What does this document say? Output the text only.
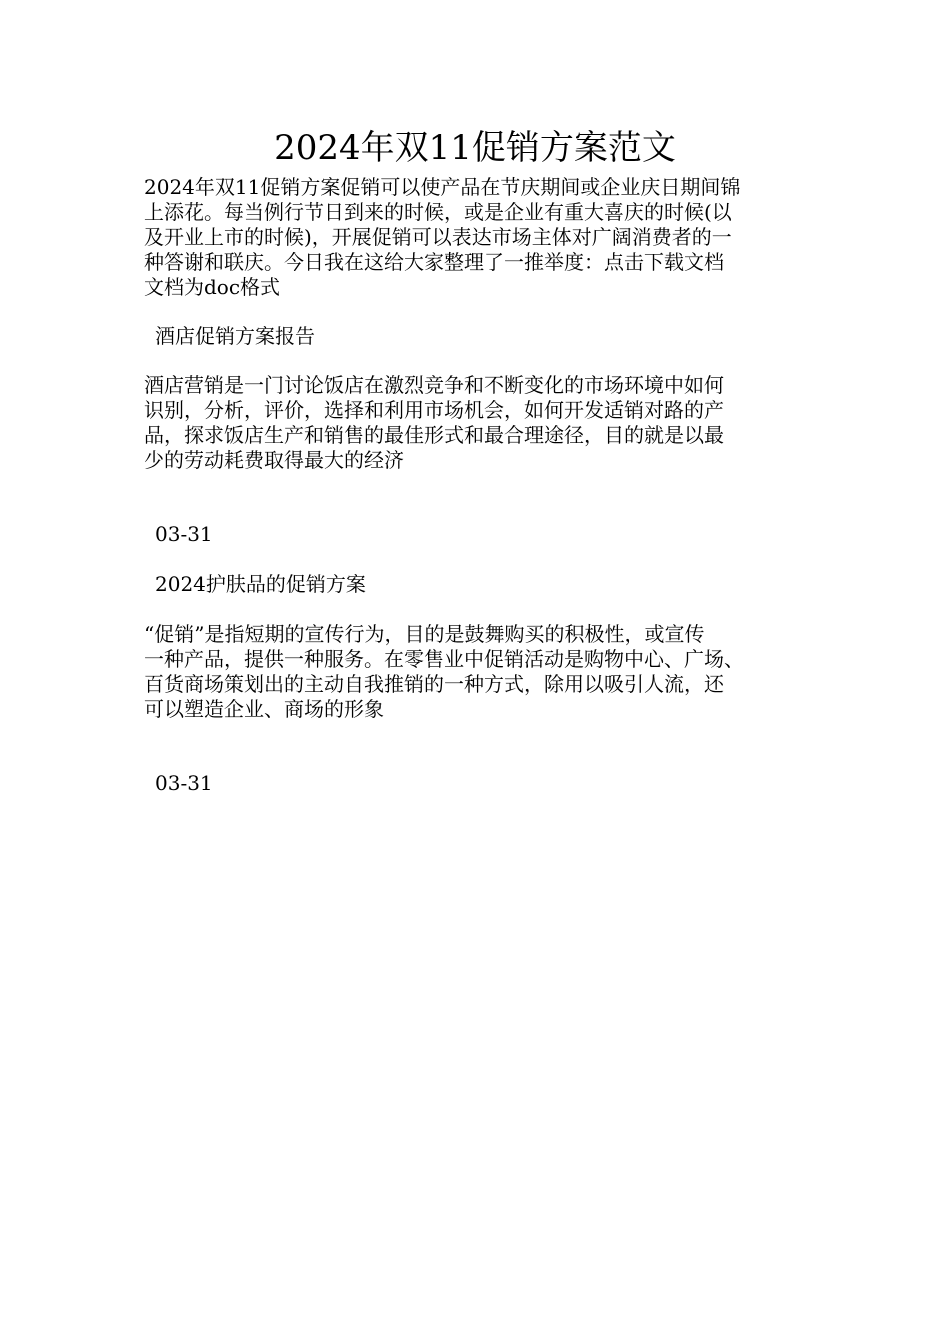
2024年双11促销方案范文
2024年双11促销方案促销可以使产品在节庆期间或企业庆日期间锦
上添花。每当例行节日到来的时候，或是企业有重大喜庆的时候(以
及开业上市的时候)，开展促销可以表达市场主体对广阔消费者的一
种答谢和联庆。今日我在这给大家整理了一推举度：点击下载文档
文档为doc格式
酒店促销方案报告
酒店营销是一门讨论饭店在激烈竞争和不断变化的市场环境中如何
识别，分析，评价，选择和利用市场机会，如何开发适销对路的产
品，探求饭店生产和销售的最佳形式和最合理途径，目的就是以最
少的劳动耗费取得最大的经济
03-31
2024护肤品的促销方案
“促销”是指短期的宣传行为，目的是鼓舞购买的积极性，或宣传
一种产品，提供一种服务。在零售业中促销活动是购物中心、广场、
百货商场策划出的主动自我推销的一种方式，除用以吸引人流，还
可以塑造企业、商场的形象
03-31
